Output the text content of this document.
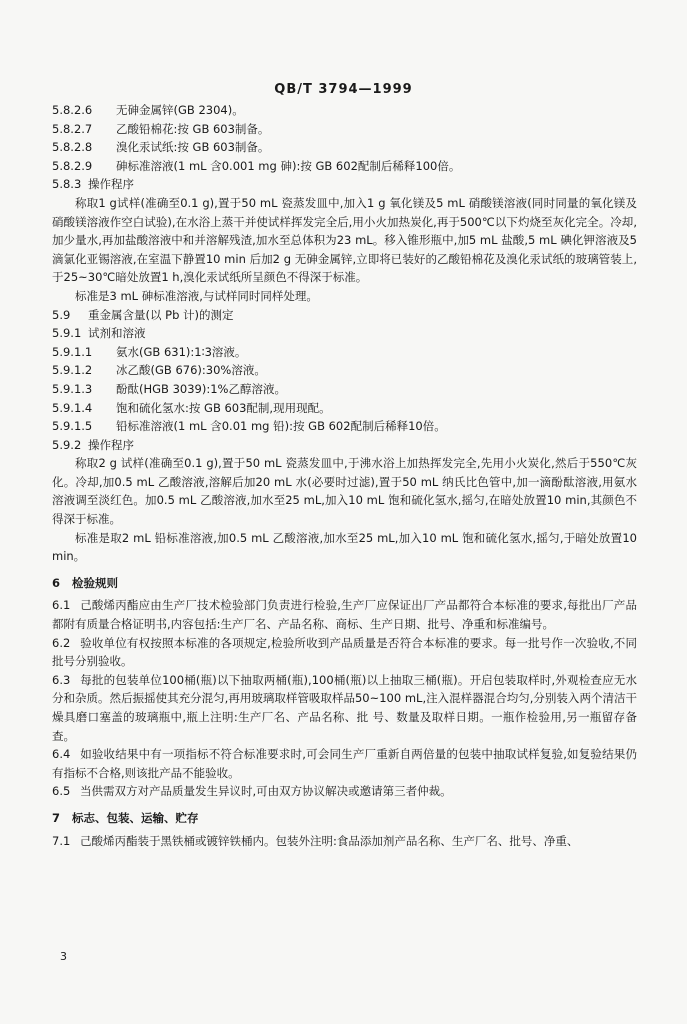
QB/T 3794—1999
5.8.2.6 无砷金属锌(GB 2304)。
5.8.2.7 乙酸铅棉花:按 GB 603制备。
5.8.2.8 溴化汞试纸:按 GB 603制备。
5.8.2.9 砷标准溶液(1 mL 含0.001 mg 砷):按 GB 602配制后稀释100倍。
5.8.3 操作程序
称取1 g试样(准确至0.1 g),置于50 mL 瓷蒸发皿中,加入1 g 氧化镁及5 mL 硝酸镁溶液(同时同量的氧化镁及硝酸镁溶液作空白试验),在水浴上蒸干并使试样挥发完全后,用小火加热炭化,再于500℃以下灼烧至灰化完全。冷却,加少量水,再加盐酸溶液中和并溶解残渣,加水至总体积为23 mL。移入锥形瓶中,加5 mL 盐酸,5 mL 碘化钾溶液及5滴氯化亚锡溶液,在室温下静置10 min 后加2 g 无砷金属锌,立即将已装好的乙酸铅棉花及溴化汞试纸的玻璃管装上,于25~30℃暗处放置1 h,溴化汞试纸所呈颜色不得深于标准。
标准是3 mL 砷标准溶液,与试样同时同样处理。
5.9 重金属含量(以 Pb 计)的测定
5.9.1 试剂和溶液
5.9.1.1 氨水(GB 631):1∶3溶液。
5.9.1.2 冰乙酸(GB 676):30%溶液。
5.9.1.3 酚酞(HGB 3039):1%乙醇溶液。
5.9.1.4 饱和硫化氢水:按 GB 603配制,现用现配。
5.9.1.5 铅标准溶液(1 mL 含0.01 mg 铅):按 GB 602配制后稀释10倍。
5.9.2 操作程序
称取2 g 试样(准确至0.1 g),置于50 mL 瓷蒸发皿中,于沸水浴上加热挥发完全,先用小火炭化,然后于550℃灰化。冷却,加0.5 mL 乙酸溶液,溶解后加20 mL 水(必要时过滤),置于50 mL 纳氏比色管中,加一滴酚酞溶液,用氨水溶液调至淡红色。加0.5 mL 乙酸溶液,加水至25 mL,加入10 mL 饱和硫化氢水,摇匀,在暗处放置10 min,其颜色不得深于标准。
标准是取2 mL 铅标准溶液,加0.5 mL 乙酸溶液,加水至25 mL,加入10 mL 饱和硫化氢水,摇匀,于暗处放置10 min。
6 检验规则
6.1 己酸烯丙酯应由生产厂技术检验部门负责进行检验,生产厂应保证出厂产品都符合本标准的要求,每批出厂产品都附有质量合格证明书,内容包括:生产厂名、产品名称、商标、生产日期、批号、净重和标准编号。
6.2 验收单位有权按照本标准的各项规定,检验所收到产品质量是否符合本标准的要求。每一批号作一次验收,不同批号分别验收。
6.3 每批的包装单位100桶(瓶)以下抽取两桶(瓶),100桶(瓶)以上抽取三桶(瓶)。开启包装取样时,外观检查应无水分和杂质。然后振摇使其充分混匀,再用玻璃取样管吸取样品50~100 mL,注入混样器混合均匀,分别装入两个清洁干燥具磨口塞盖的玻璃瓶中,瓶上注明:生产厂名、产品名称、批 号、数量及取样日期。一瓶作检验用,另一瓶留存备查。
6.4 如验收结果中有一项指标不符合标准要求时,可会同生产厂重新自两倍量的包装中抽取试样复验,如复验结果仍有指标不合格,则该批产品不能验收。
6.5 当供需双方对产品质量发生异议时,可由双方协议解决或邀请第三者仲裁。
7 标志、包装、运输、贮存
7.1 己酸烯丙酯装于黑铁桶或镀锌铁桶内。包装外注明:食品添加剂产品名称、生产厂名、批号、净重、
3
